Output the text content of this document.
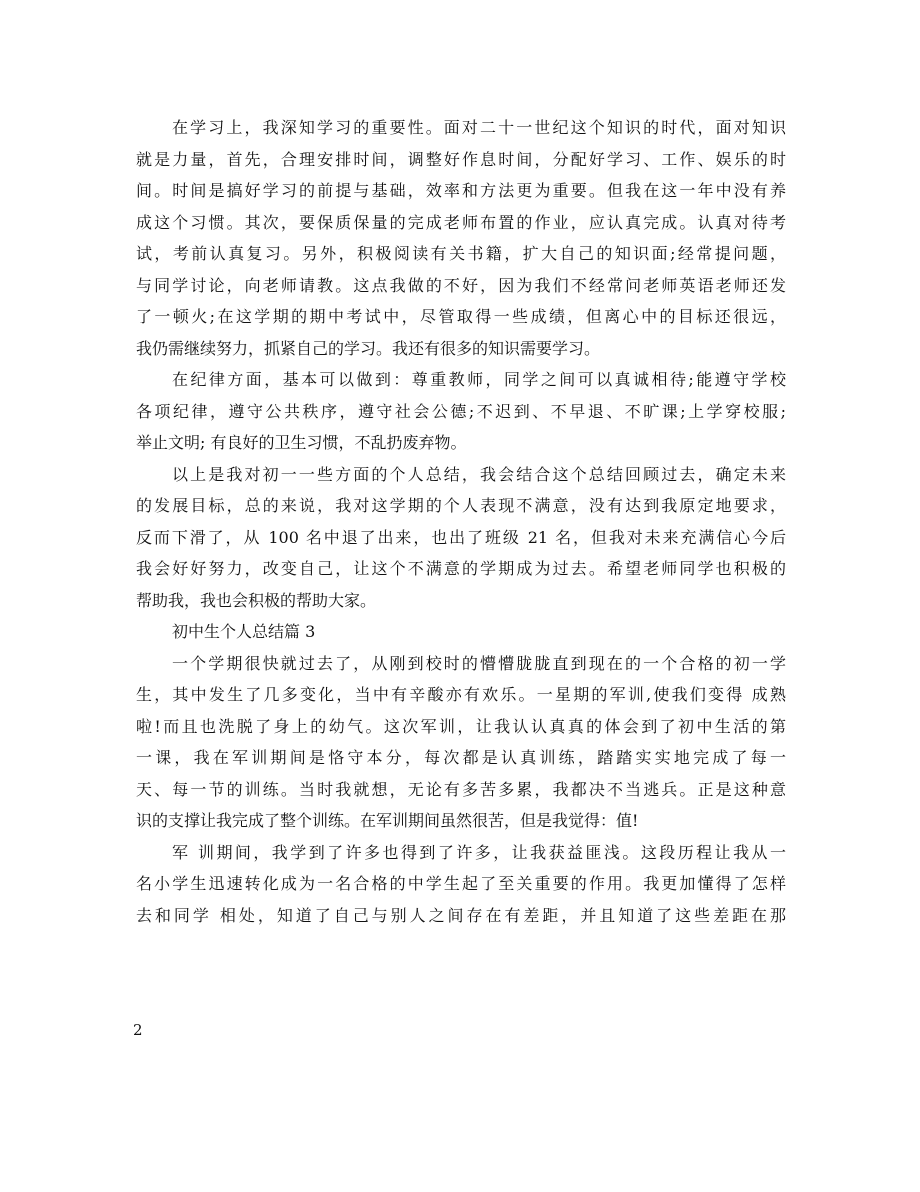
在学习上，我深知学习的重要性。面对二十一世纪这个知识的时代，面对知识
就是力量，首先，合理安排时间，调整好作息时间，分配好学习、工作、娱乐的时
间。时间是搞好学习的前提与基础，效率和方法更为重要。但我在这一年中没有养
成这个习惯。其次，要保质保量的完成老师布置的作业，应认真完成。认真对待考
试，考前认真复习。另外，积极阅读有关书籍，扩大自己的知识面;经常提问题，
与同学讨论，向老师请教。这点我做的不好，因为我们不经常问老师英语老师还发
了一顿火;在这学期的期中考试中，尽管取得一些成绩，但离心中的目标还很远，
我仍需继续努力，抓紧自己的学习。我还有很多的知识需要学习。
在纪律方面，基本可以做到：尊重教师，同学之间可以真诚相待;能遵守学校
各项纪律，遵守公共秩序，遵守社会公德;不迟到、不早退、不旷课;上学穿校服;
举止文明; 有良好的卫生习惯，不乱扔废弃物。
以上是我对初一一些方面的个人总结，我会结合这个总结回顾过去，确定未来
的发展目标，总的来说，我对这学期的个人表现不满意，没有达到我原定地要求，
反而下滑了，从 100 名中退了出来，也出了班级 21 名，但我对未来充满信心今后
我会好好努力，改变自己，让这个不满意的学期成为过去。希望老师同学也积极的
帮助我，我也会积极的帮助大家。
初中生个人总结篇 3
一个学期很快就过去了，从刚到校时的懵懵胧胧直到现在的一个合格的初一学
生，其中发生了几多变化，当中有辛酸亦有欢乐。一星期的军训,使我们变得 成熟
啦!而且也洗脱了身上的幼气。这次军训，让我认认真真的体会到了初中生活的第
一课，我在军训期间是恪守本分，每次都是认真训练，踏踏实实地完成了每一
天、每一节的训练。当时我就想，无论有多苦多累，我都决不当逃兵。正是这种意
识的支撑让我完成了整个训练。在军训期间虽然很苦，但是我觉得：值!
军 训期间，我学到了许多也得到了许多，让我获益匪浅。这段历程让我从一
名小学生迅速转化成为一名合格的中学生起了至关重要的作用。我更加懂得了怎样
去和同学 相处，知道了自己与别人之间存在有差距，并且知道了这些差距在那
2
